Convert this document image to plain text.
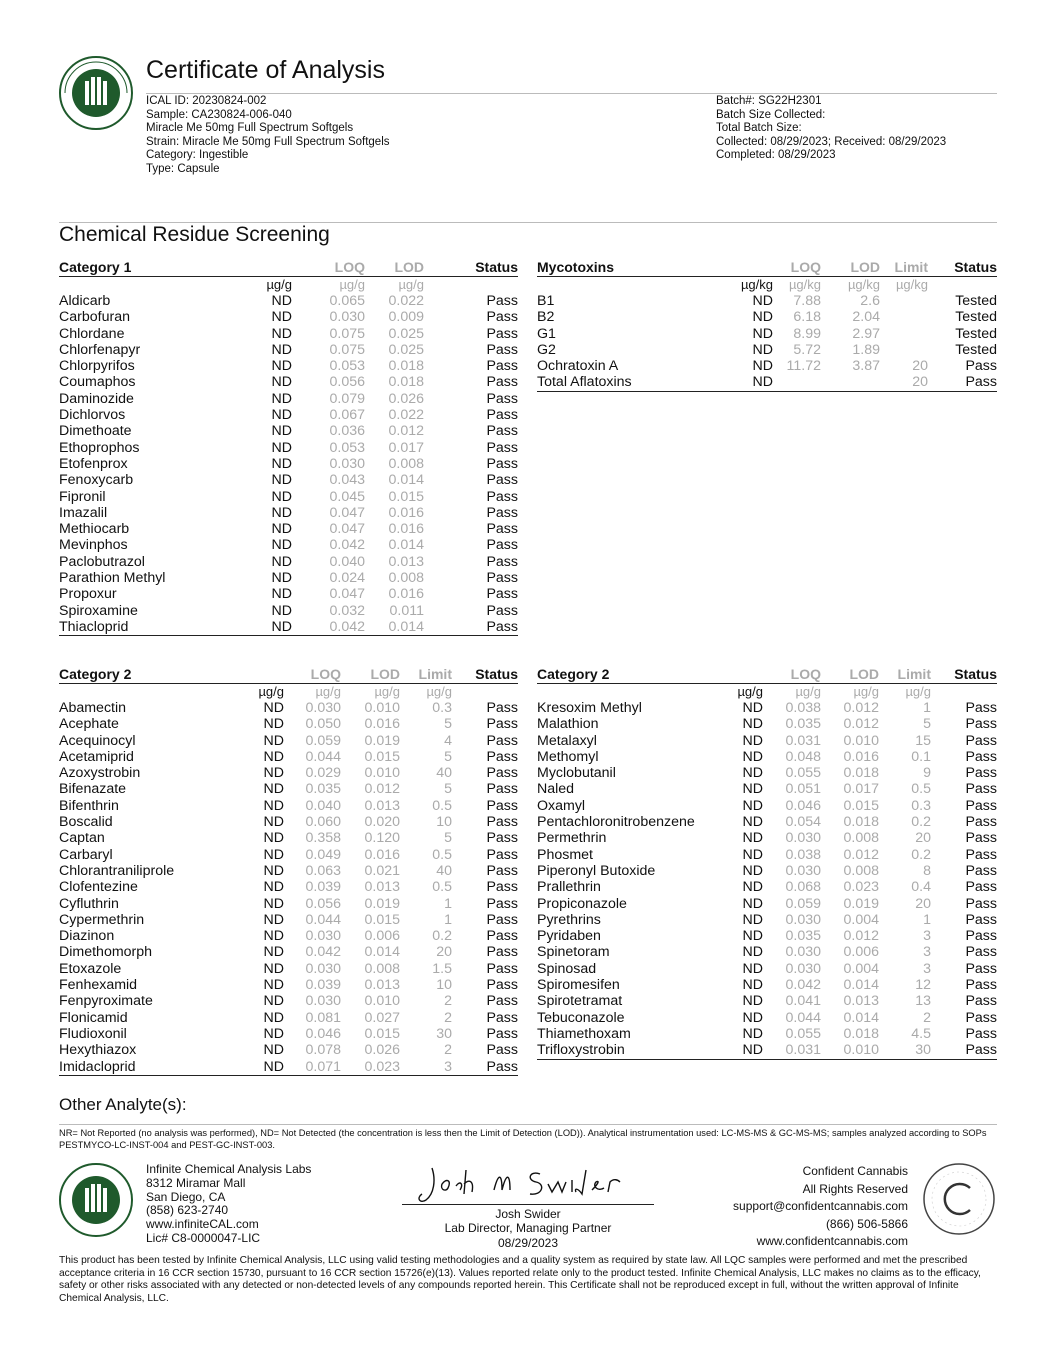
Certificate of Analysis
ICAL ID: 20230824-002
Sample: CA230824-006-040
Miracle Me 50mg Full Spectrum Softgels
Strain: Miracle Me 50mg Full Spectrum Softgels
Category: Ingestible
Type: Capsule
Batch#: SG22H2301
Batch Size Collected:
Total Batch Size:
Collected: 08/29/2023; Received: 08/29/2023
Completed: 08/29/2023
Chemical Residue Screening
Category 1		LOQ	LOD	Status
	µg/g	µg/g	µg/g	
Aldicarb	ND	0.065	0.022	Pass
Carbofuran	ND	0.030	0.009	Pass
Chlordane	ND	0.075	0.025	Pass
Chlorfenapyr	ND	0.075	0.025	Pass
Chlorpyrifos	ND	0.053	0.018	Pass
Coumaphos	ND	0.056	0.018	Pass
Daminozide	ND	0.079	0.026	Pass
Dichlorvos	ND	0.067	0.022	Pass
Dimethoate	ND	0.036	0.012	Pass
Ethoprophos	ND	0.053	0.017	Pass
Etofenprox	ND	0.030	0.008	Pass
Fenoxycarb	ND	0.043	0.014	Pass
Fipronil	ND	0.045	0.015	Pass
Imazalil	ND	0.047	0.016	Pass
Methiocarb	ND	0.047	0.016	Pass
Mevinphos	ND	0.042	0.014	Pass
Paclobutrazol	ND	0.040	0.013	Pass
Parathion Methyl	ND	0.024	0.008	Pass
Propoxur	ND	0.047	0.016	Pass
Spiroxamine	ND	0.032	0.011	Pass
Thiacloprid	ND	0.042	0.014	Pass
Mycotoxins		LOQ	LOD	Limit	Status
	µg/kg	µg/kg	µg/kg	µg/kg	
B1	ND	7.88	2.6		Tested
B2	ND	6.18	2.04		Tested
G1	ND	8.99	2.97		Tested
G2	ND	5.72	1.89		Tested
Ochratoxin A	ND	11.72	3.87	20	Pass
Total Aflatoxins	ND			20	Pass
Category 2		LOQ	LOD	Limit	Status
	µg/g	µg/g	µg/g	µg/g	
Abamectin	ND	0.030	0.010	0.3	Pass
Acephate	ND	0.050	0.016	5	Pass
Acequinocyl	ND	0.059	0.019	4	Pass
Acetamiprid	ND	0.044	0.015	5	Pass
Azoxystrobin	ND	0.029	0.010	40	Pass
Bifenazate	ND	0.035	0.012	5	Pass
Bifenthrin	ND	0.040	0.013	0.5	Pass
Boscalid	ND	0.060	0.020	10	Pass
Captan	ND	0.358	0.120	5	Pass
Carbaryl	ND	0.049	0.016	0.5	Pass
Chlorantraniliprole	ND	0.063	0.021	40	Pass
Clofentezine	ND	0.039	0.013	0.5	Pass
Cyfluthrin	ND	0.056	0.019	1	Pass
Cypermethrin	ND	0.044	0.015	1	Pass
Diazinon	ND	0.030	0.006	0.2	Pass
Dimethomorph	ND	0.042	0.014	20	Pass
Etoxazole	ND	0.030	0.008	1.5	Pass
Fenhexamid	ND	0.039	0.013	10	Pass
Fenpyroximate	ND	0.030	0.010	2	Pass
Flonicamid	ND	0.081	0.027	2	Pass
Fludioxonil	ND	0.046	0.015	30	Pass
Hexythiazox	ND	0.078	0.026	2	Pass
Imidacloprid	ND	0.071	0.023	3	Pass
Category 2		LOQ	LOD	Limit	Status
	µg/g	µg/g	µg/g	µg/g	
Kresoxim Methyl	ND	0.038	0.012	1	Pass
Malathion	ND	0.035	0.012	5	Pass
Metalaxyl	ND	0.031	0.010	15	Pass
Methomyl	ND	0.048	0.016	0.1	Pass
Myclobutanil	ND	0.055	0.018	9	Pass
Naled	ND	0.051	0.017	0.5	Pass
Oxamyl	ND	0.046	0.015	0.3	Pass
Pentachloronitrobenzene	ND	0.054	0.018	0.2	Pass
Permethrin	ND	0.030	0.008	20	Pass
Phosmet	ND	0.038	0.012	0.2	Pass
Piperonyl Butoxide	ND	0.030	0.008	8	Pass
Prallethrin	ND	0.068	0.023	0.4	Pass
Propiconazole	ND	0.059	0.019	20	Pass
Pyrethrins	ND	0.030	0.004	1	Pass
Pyridaben	ND	0.035	0.012	3	Pass
Spinetoram	ND	0.030	0.006	3	Pass
Spinosad	ND	0.030	0.004	3	Pass
Spiromesifen	ND	0.042	0.014	12	Pass
Spirotetramat	ND	0.041	0.013	13	Pass
Tebuconazole	ND	0.044	0.014	2	Pass
Thiamethoxam	ND	0.055	0.018	4.5	Pass
Trifloxystrobin	ND	0.031	0.010	30	Pass
Other Analyte(s):
NR= Not Reported (no analysis was performed), ND= Not Detected (the concentration is less then the Limit of Detection (LOD)). Analytical instrumentation used: LC-MS-MS & GC-MS-MS; samples analyzed according to SOPs PESTMYCO-LC-INST-004 and PEST-GC-INST-003.
Infinite Chemical Analysis Labs
8312 Miramar Mall
San Diego, CA
(858) 623-2740
www.infiniteCAL.com
Lic# C8-0000047-LIC
Josh Swider
Lab Director, Managing Partner
08/29/2023
Confident Cannabis
All Rights Reserved
support@confidentcannabis.com
(866) 506-5866
www.confidentcannabis.com
This product has been tested by Infinite Chemical Analysis, LLC using valid testing methodologies and a quality system as required by state law. All LQC samples were performed and met the prescribed acceptance criteria in 16 CCR section 15730, pursuant to 16 CCR section 15726(e)(13). Values reported relate only to the product tested. Infinite Chemical Analysis, LLC makes no claims as to the efficacy, safety or other risks associated with any detected or non-detected levels of any compounds reported herein. This Certificate shall not be reproduced except in full, without the written approval of Infinite Chemical Analysis, LLC.
